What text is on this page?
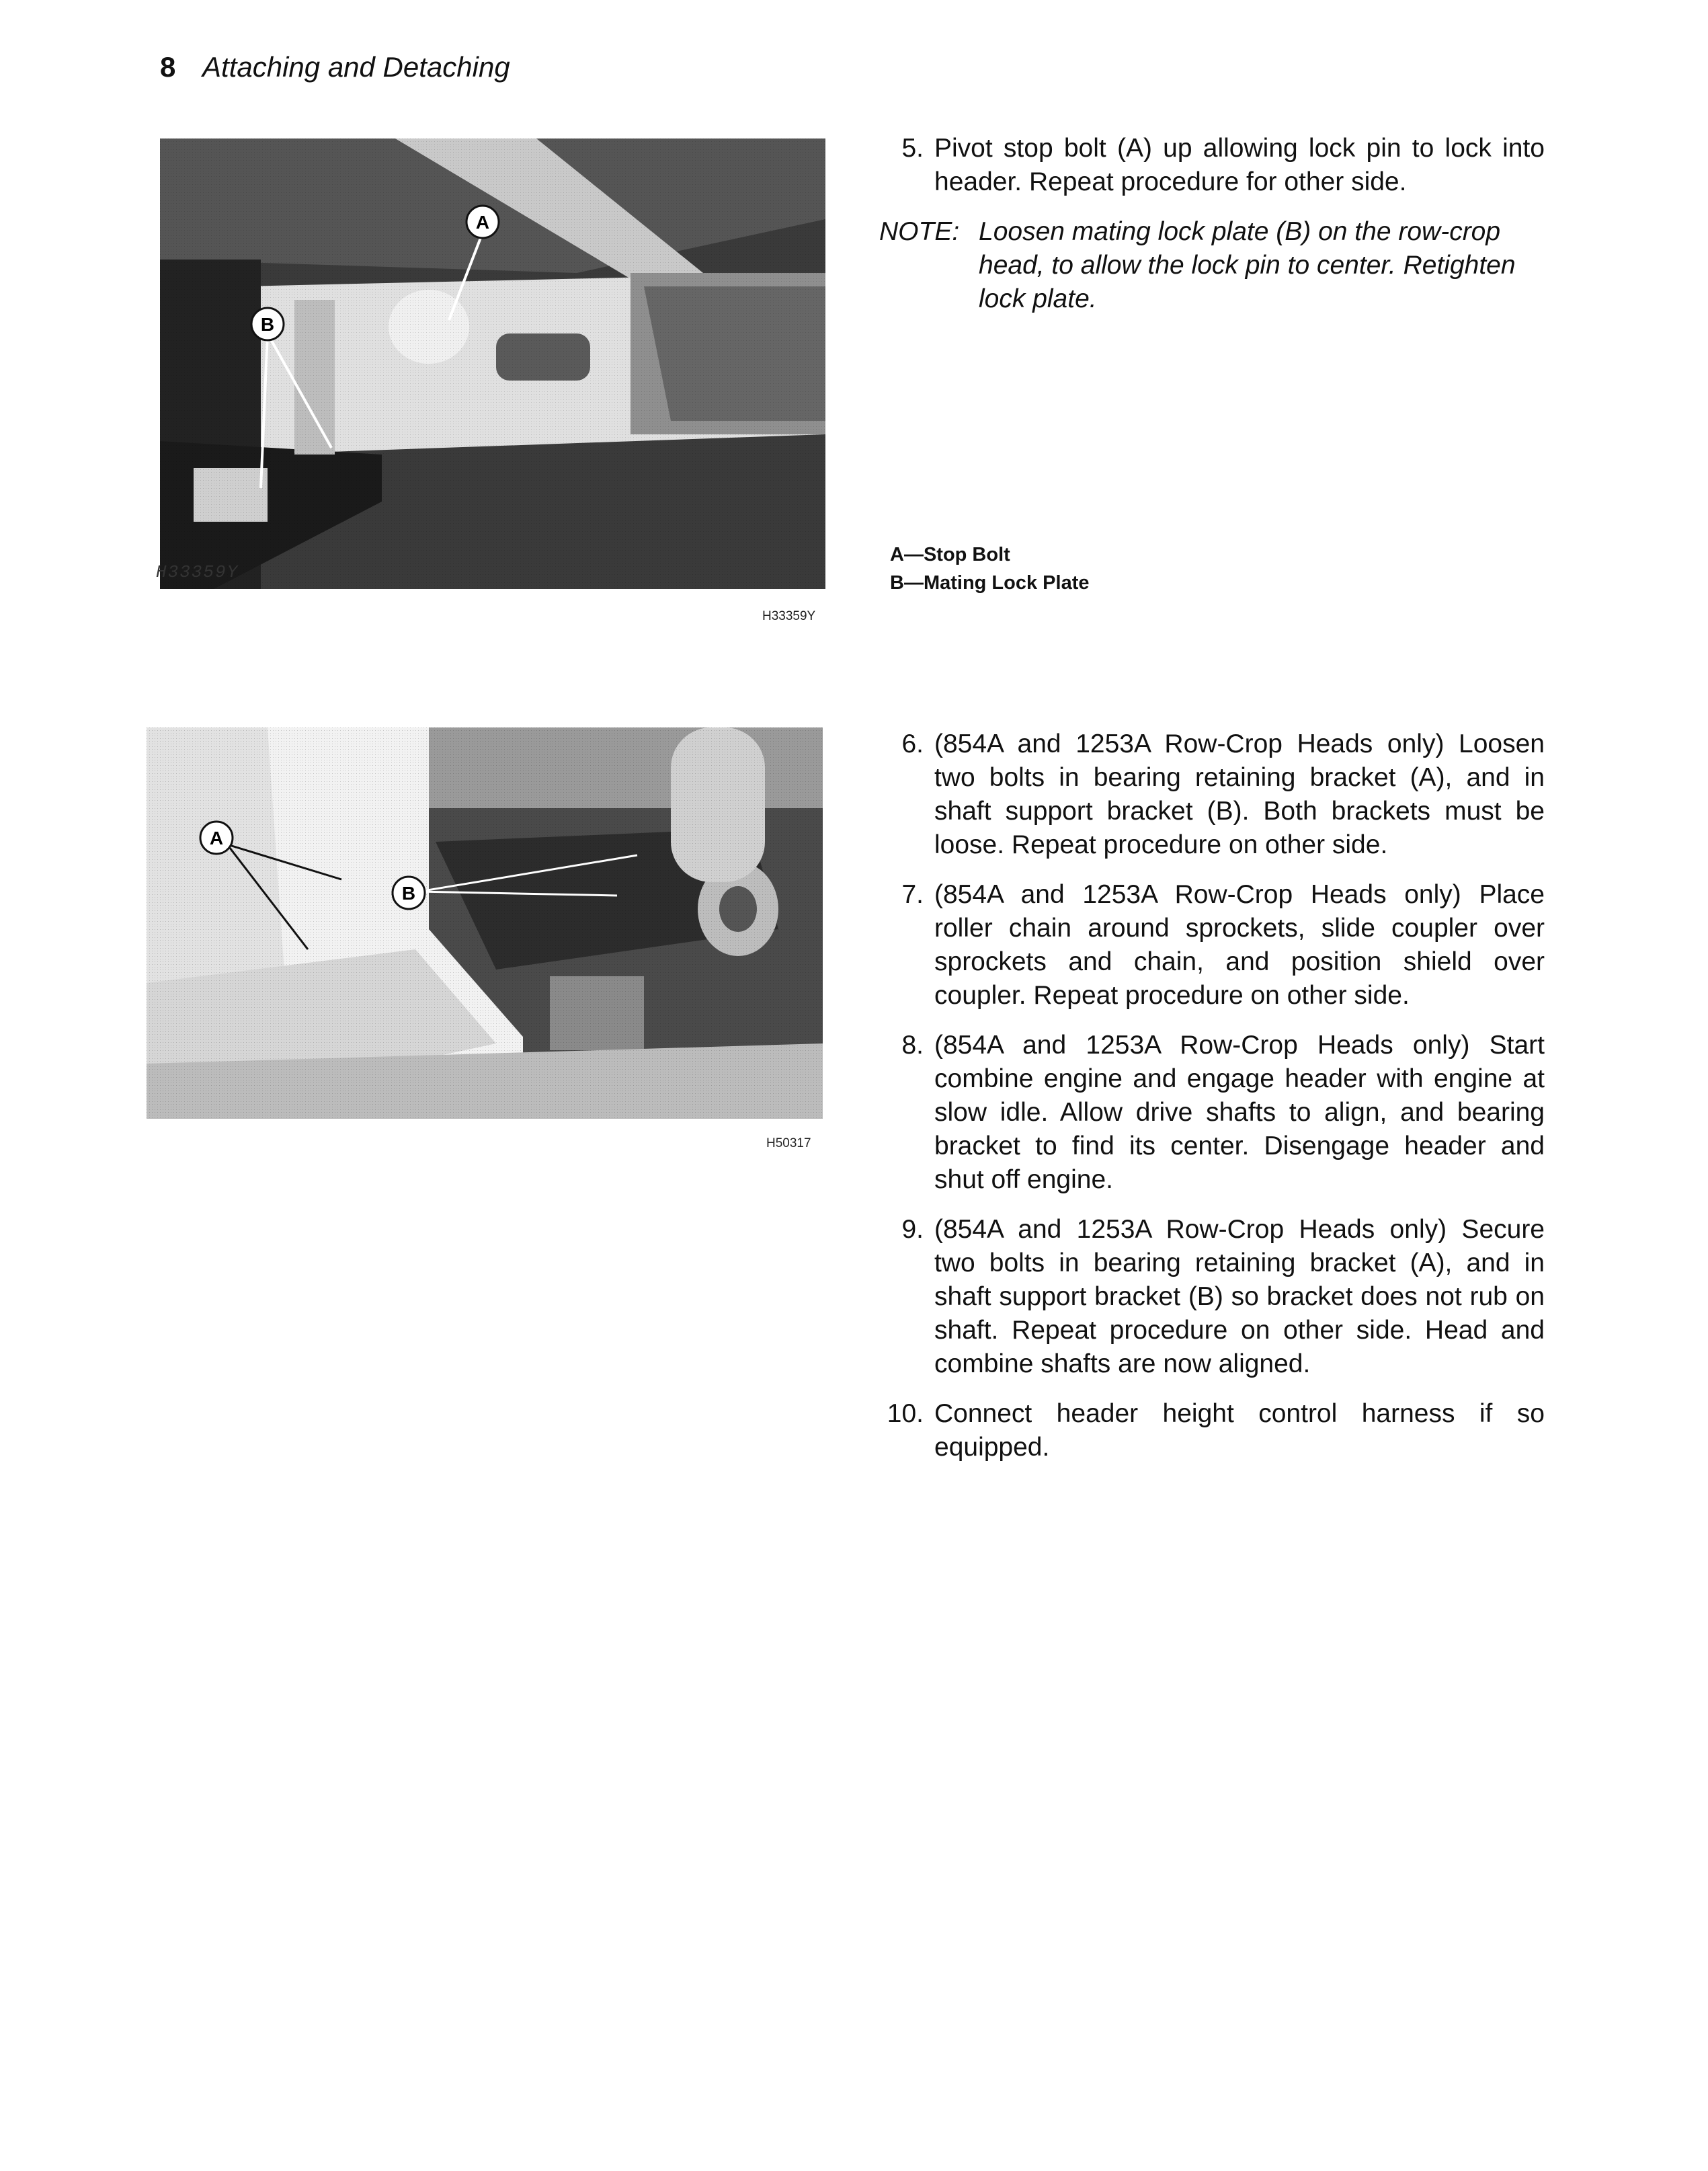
8 Attaching and Detaching
A
B
H33359Y
H33359Y
5. Pivot stop bolt (A) up allowing lock pin to lock into header. Repeat procedure for other side.
NOTE: Loosen mating lock plate (B) on the row-crop head, to allow the lock pin to center. Retighten lock plate.
A—Stop Bolt
B—Mating Lock Plate
A
B
H50317
6. (854A and 1253A Row-Crop Heads only) Loosen two bolts in bearing retaining bracket (A), and in shaft support bracket (B). Both brackets must be loose. Repeat procedure on other side.
7. (854A and 1253A Row-Crop Heads only) Place roller chain around sprockets, slide coupler over sprockets and chain, and position shield over coupler. Repeat procedure on other side.
8. (854A and 1253A Row-Crop Heads only) Start combine engine and engage header with engine at slow idle. Allow drive shafts to align, and bearing bracket to find its center. Disengage header and shut off engine.
9. (854A and 1253A Row-Crop Heads only) Secure two bolts in bearing retaining bracket (A), and in shaft support bracket (B) so bracket does not rub on shaft. Repeat procedure on other side. Head and combine shafts are now aligned.
10. Connect header height control harness if so equipped.
